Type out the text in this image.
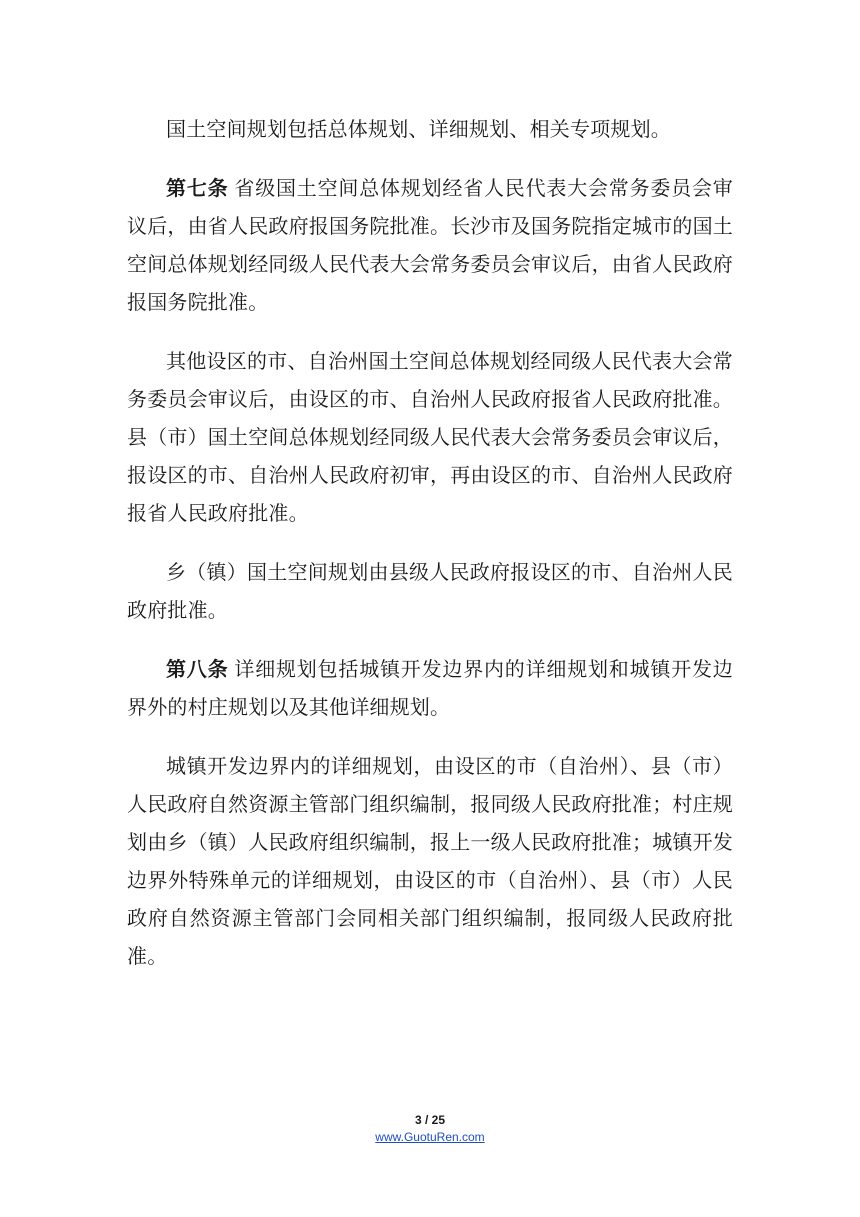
国土空间规划包括总体规划、详细规划、相关专项规划。

第七条 省级国土空间总体规划经省人民代表大会常务委员会审议后，由省人民政府报国务院批准。长沙市及国务院指定城市的国土空间总体规划经同级人民代表大会常务委员会审议后，由省人民政府报国务院批准。

其他设区的市、自治州国土空间总体规划经同级人民代表大会常务委员会审议后，由设区的市、自治州人民政府报省人民政府批准。县（市）国土空间总体规划经同级人民代表大会常务委员会审议后，报设区的市、自治州人民政府初审，再由设区的市、自治州人民政府报省人民政府批准。

乡（镇）国土空间规划由县级人民政府报设区的市、自治州人民政府批准。

第八条 详细规划包括城镇开发边界内的详细规划和城镇开发边界外的村庄规划以及其他详细规划。

城镇开发边界内的详细规划，由设区的市（自治州）、县（市）人民政府自然资源主管部门组织编制，报同级人民政府批准；村庄规划由乡（镇）人民政府组织编制，报上一级人民政府批准；城镇开发边界外特殊单元的详细规划，由设区的市（自治州）、县（市）人民政府自然资源主管部门会同相关部门组织编制，报同级人民政府批准。

3 / 25
www.GuotuRen.com
